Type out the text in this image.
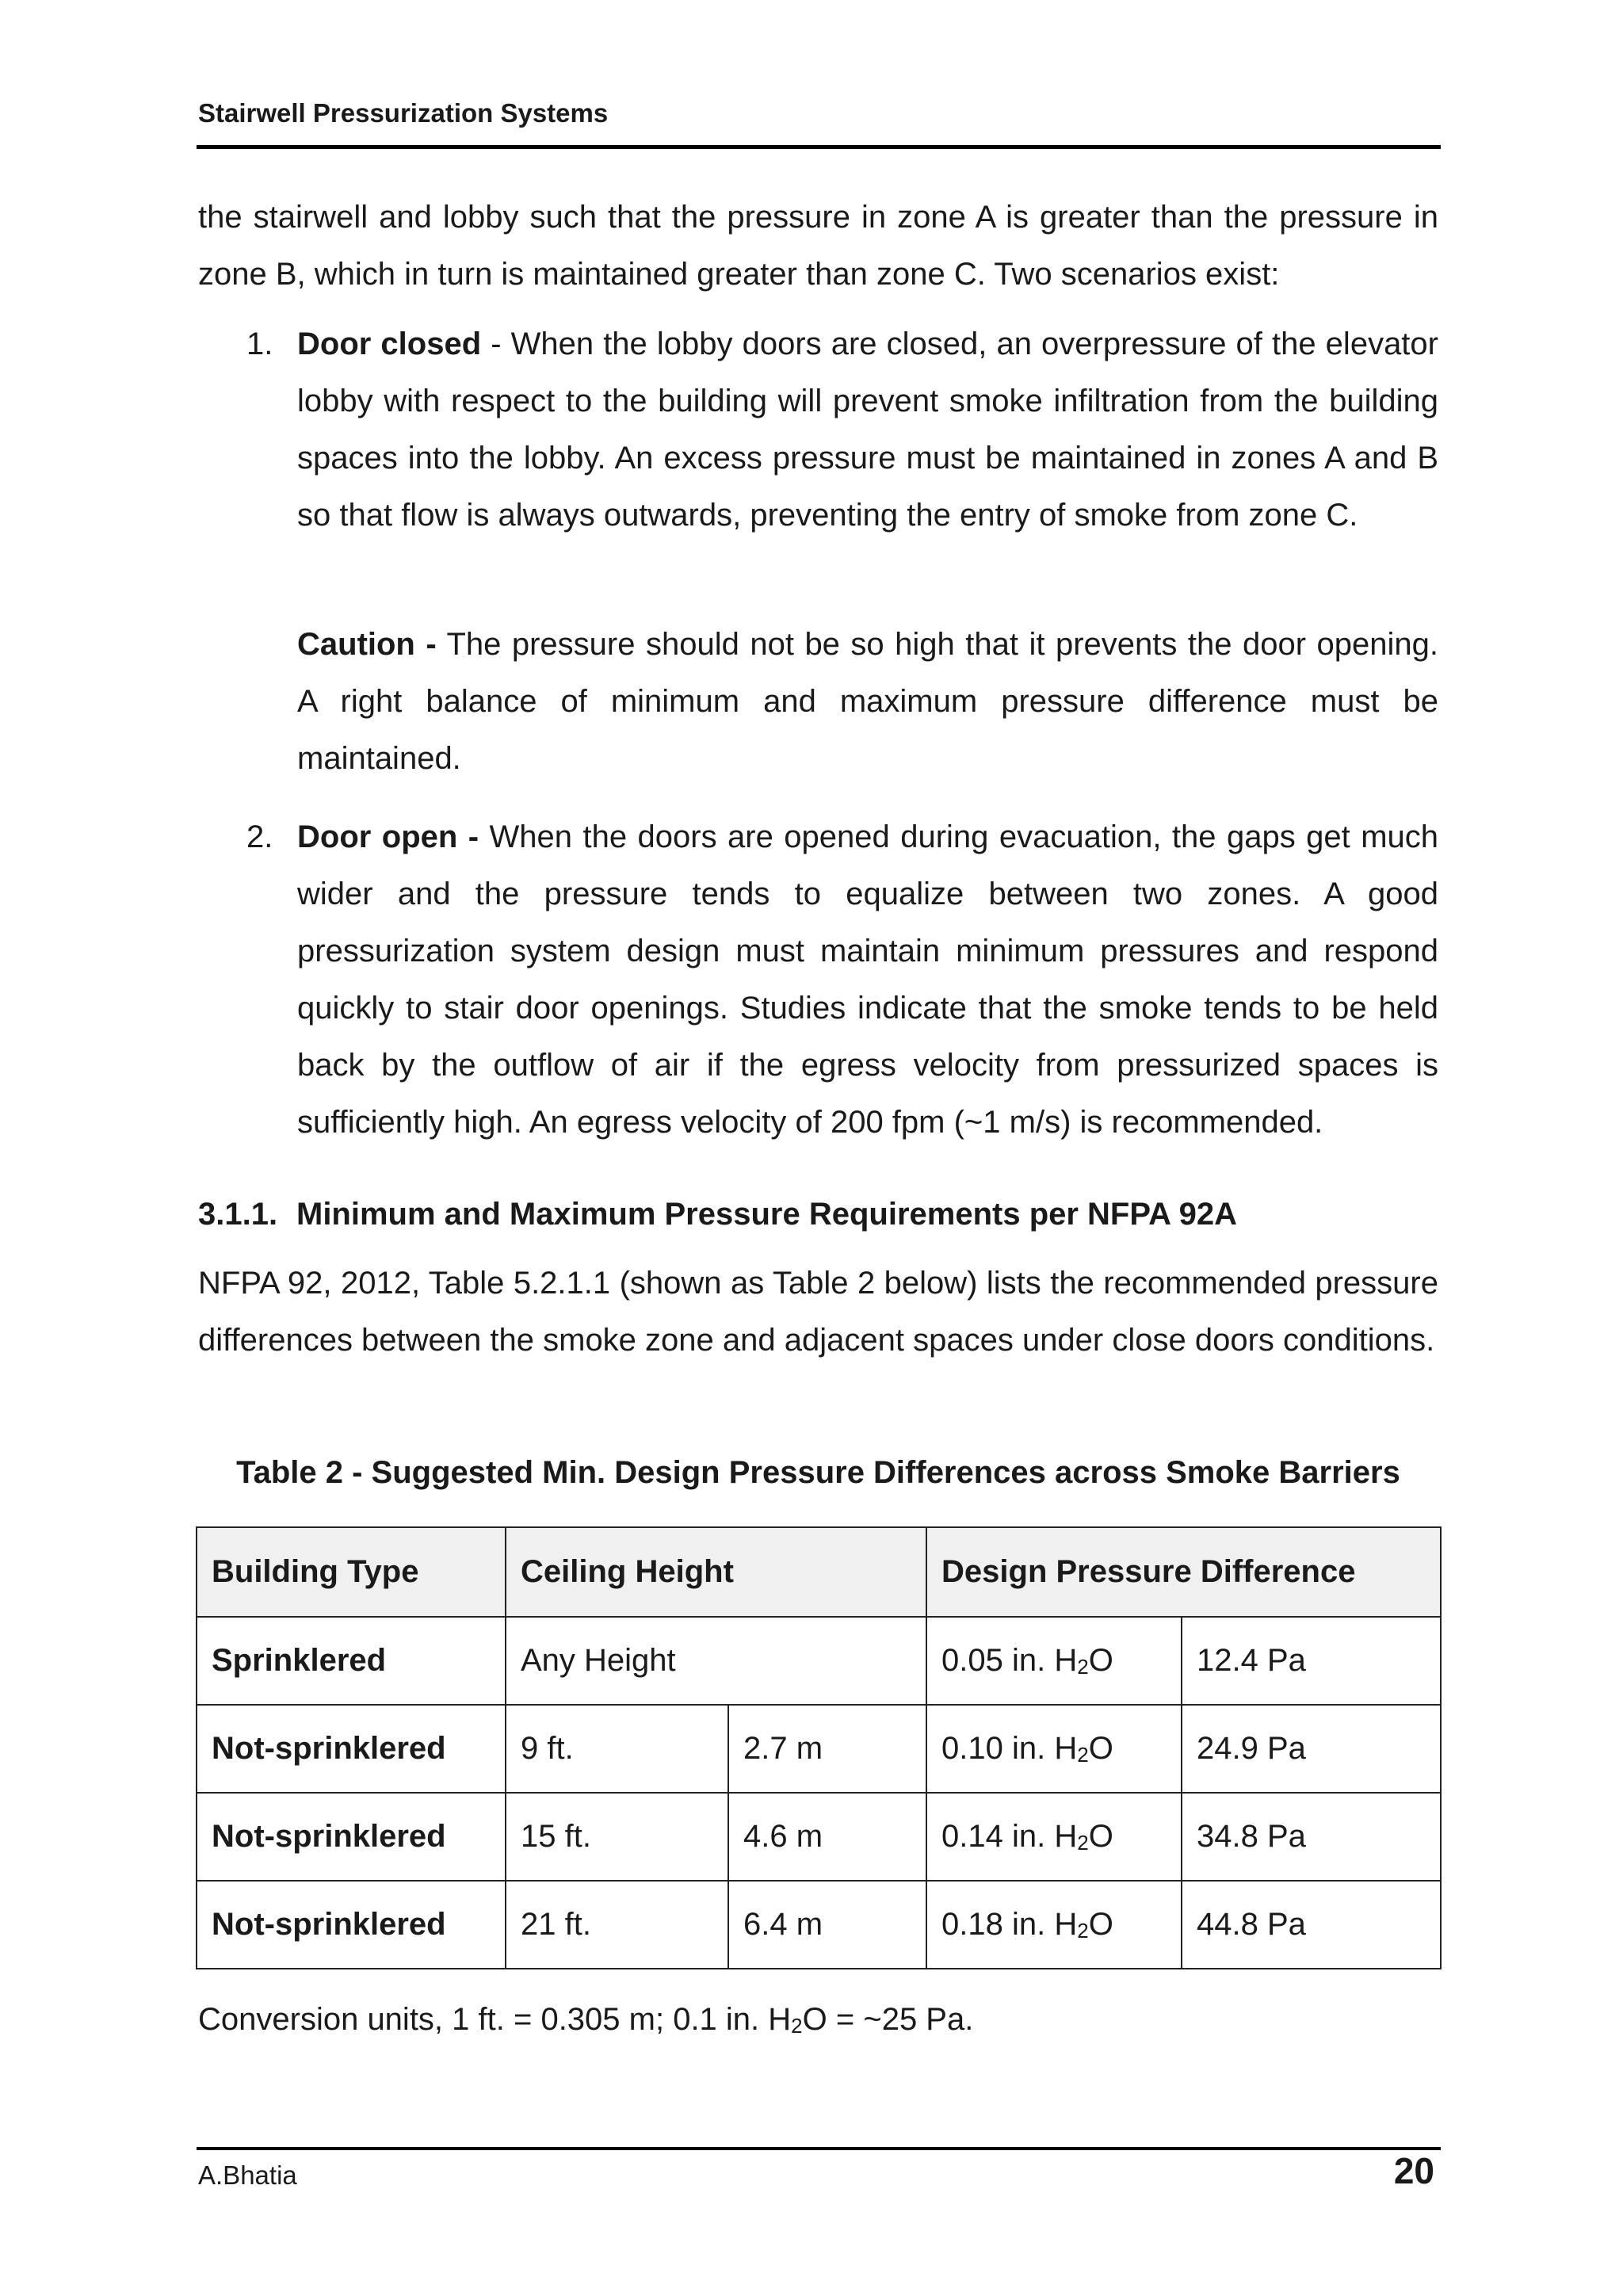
Stairwell Pressurization Systems
the stairwell and lobby such that the pressure in zone A is greater than the pressure in zone B, which in turn is maintained greater than zone C. Two scenarios exist:
1. Door closed - When the lobby doors are closed, an overpressure of the elevator lobby with respect to the building will prevent smoke infiltration from the building spaces into the lobby. An excess pressure must be maintained in zones A and B so that flow is always outwards, preventing the entry of smoke from zone C.
Caution - The pressure should not be so high that it prevents the door opening. A right balance of minimum and maximum pressure difference must be maintained.
2. Door open - When the doors are opened during evacuation, the gaps get much wider and the pressure tends to equalize between two zones. A good pressurization system design must maintain minimum pressures and respond quickly to stair door openings. Studies indicate that the smoke tends to be held back by the outflow of air if the egress velocity from pressurized spaces is sufficiently high. An egress velocity of 200 fpm (~1 m/s) is recommended.
3.1.1. Minimum and Maximum Pressure Requirements per NFPA 92A
NFPA 92, 2012, Table 5.2.1.1 (shown as Table 2 below) lists the recommended pressure differences between the smoke zone and adjacent spaces under close doors conditions.
Table 2 - Suggested Min. Design Pressure Differences across Smoke Barriers
Building Type	Ceiling Height		Design Pressure Difference	
Sprinklered	Any Height		0.05 in. $H_2O$	12.4 Pa
Not-sprinklered	9 ft.	2.7 m	0.10 in. $H_2O$	24.9 Pa
Not-sprinklered	15 ft.	4.6 m	0.14 in. $H_2O$	34.8 Pa
Not-sprinklered	21 ft.	6.4 m	0.18 in. $H_2O$	44.8 Pa
Conversion units, 1 ft. = 0.305 m; 0.1 in. $H_2O$ = ~25 Pa.
A.Bhatia	20
